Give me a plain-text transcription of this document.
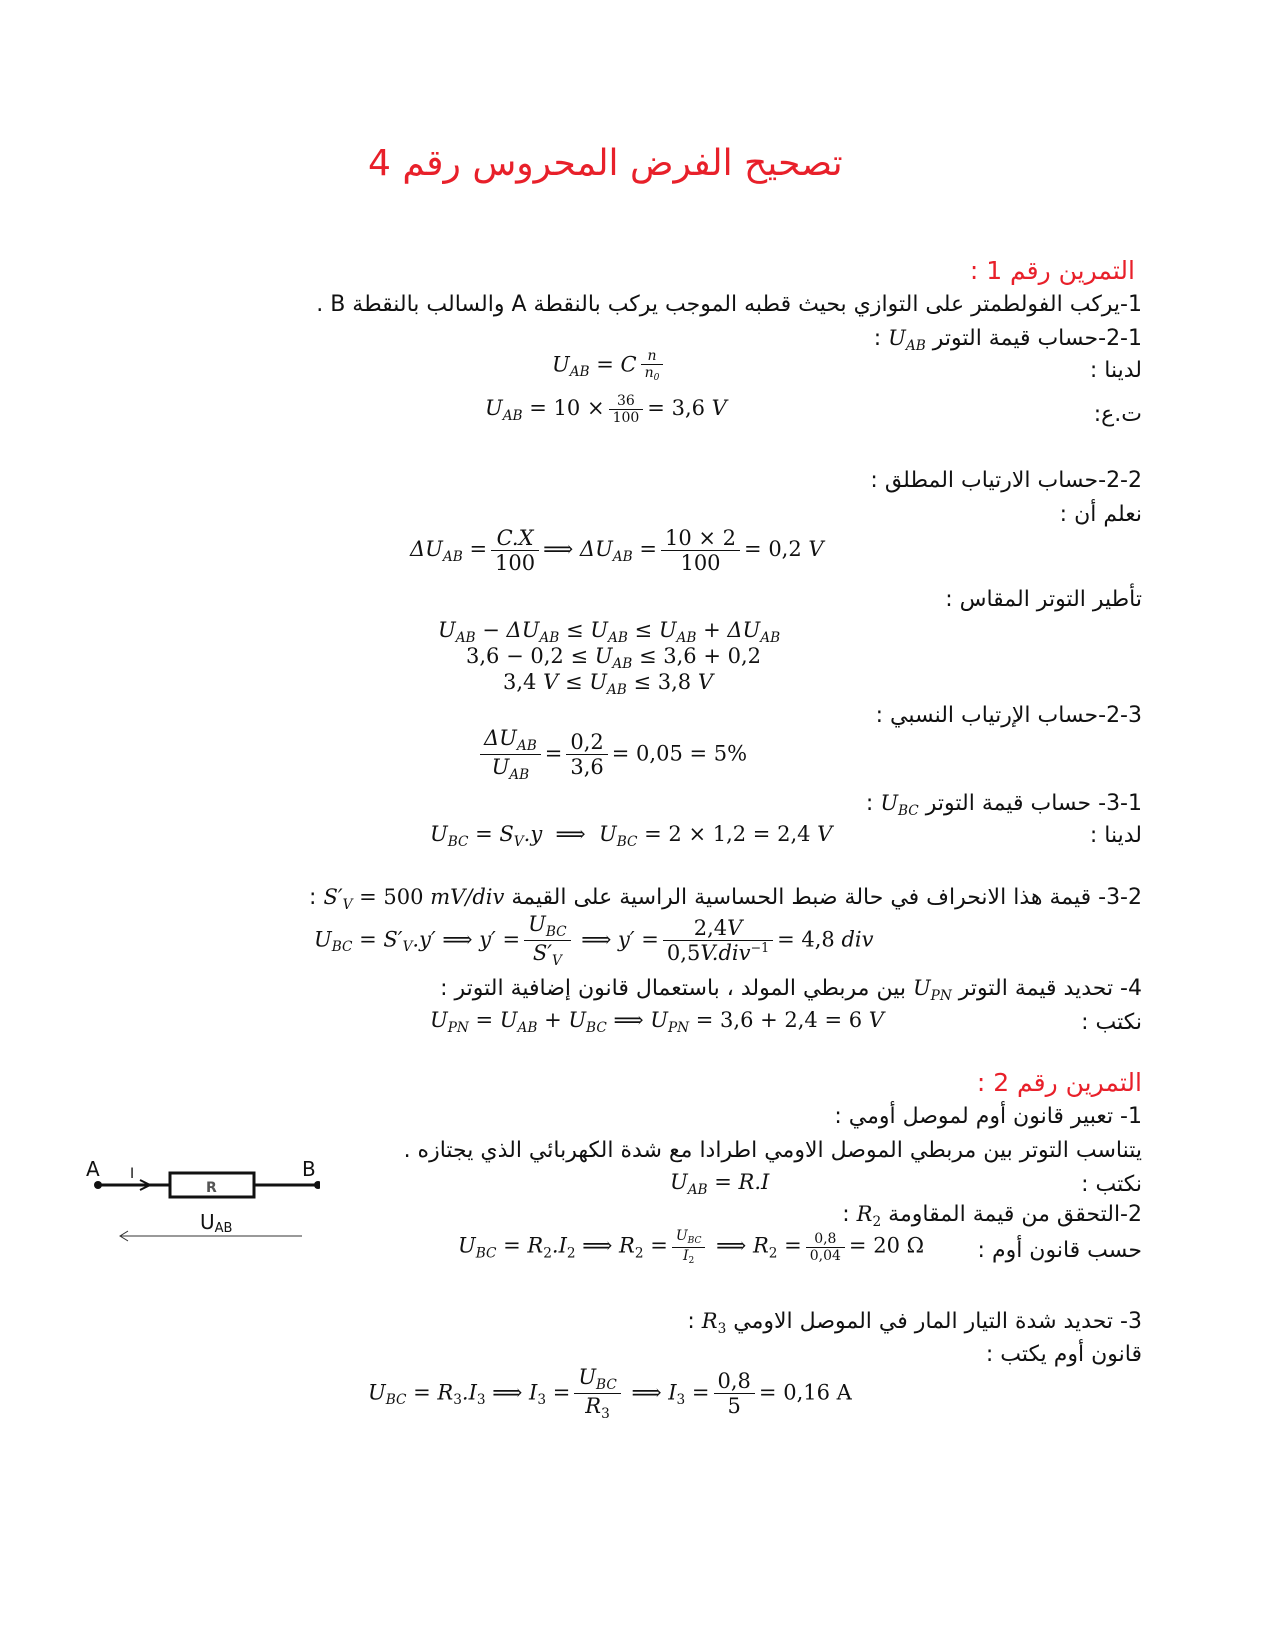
تصحيح الفرض المحروس رقم 4
التمرين رقم 1 :
1-يركب الفولطمتر على التوازي بحيث قطبه الموجب يركب بالنقطة A والسالب بالنقطة B .
2-1-حساب قيمة التوتر $U_{AB}$ :
لدينا :
$U_{AB} = C \frac{n}{n_0}$
ت.ع:
$U_{AB} = 10 \times \frac{36}{100} = 3,6$ V
2-2-حساب الارتياب المطلق :
نعلم أن :
$\Delta U_{AB} = \frac{C.X}{100}$ ⟹ $\Delta U_{AB} = \frac{10 \times 2}{100} = 0,2$ V
تأطير التوتر المقاس :
$U_{AB} - \Delta U_{AB} \le U_{AB} \le U_{AB} + \Delta U_{AB}$
$3,6 - 0,2 \le U_{AB} \le 3,6 + 0,2$
3,4 $V \le U_{AB} \le 3,8$ V
2-3-حساب الإرتياب النسبي :
$\frac{\Delta U_{AB}}{U_{AB}} = \frac{0,2}{3,6} = 0,05 = 5\%$
3-1- حساب قيمة التوتر $U_{BC}$ :
لدينا :
$U_{BC} = S_V.y$  ⟹  $U_{BC} = 2 \times 1,2 = 2,4$ V
3-2- قيمة هذا الانحراف في حالة ضبط الحساسية الراسية على القيمة $S'_V = 500$ mV/div :
$U_{BC} = S'_V.y'$ ⟹ $y' = \frac{U_{BC}}{S'_V}$ ⟹ $y' = \frac{2,4V}{0,5V.div^{-1}} = 4,8$ div
4- تحديد قيمة التوتر $U_{PN}$ بين مربطي المولد ، باستعمال قانون إضافية التوتر :
نكتب :
$U_{PN} = U_{AB} + U_{BC}$ ⟹ $U_{PN} = 3,6 + 2,4 = 6$ V
التمرين رقم 2 :
1- تعبير قانون أوم لموصل أومي :
يتناسب التوتر بين مربطي الموصل الاومي اطرادا مع شدة الكهربائي الذي يجتازه .
نكتب :
$U_{AB} = R.I$
2-التحقق من قيمة المقاومة $R_2$ :
حسب قانون أوم :
$U_{BC} = R_2.I_2$ ⟹ $R_2 = \frac{U_{BC}}{I_2}$ ⟹ $R_2 = \frac{0,8}{0,04} = 20$ Ω
3- تحديد شدة التيار المار في الموصل الاومي $R_3$ :
قانون أوم يكتب :
$U_{BC} = R_3.I_3$ ⟹ $I_3 = \frac{U_{BC}}{R_3}$ ⟹ $I_3 = \frac{0,8}{5} = 0,16$ A
A	B
R
I
UAB
